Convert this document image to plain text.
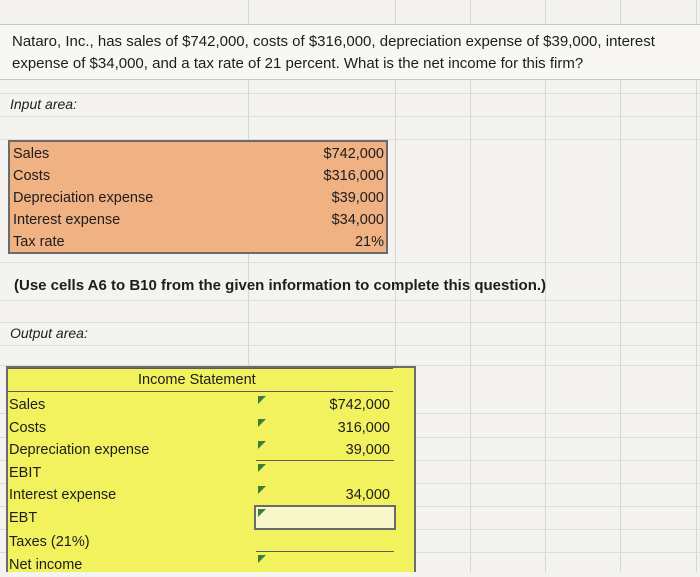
Nataro, Inc., has sales of $742,000, costs of $316,000, depreciation expense of $39,000, interest expense of $34,000, and a tax rate of 21 percent. What is the net income for this firm?

Input area:
Sales	$742,000
Costs	$316,000
Depreciation expense	$39,000
Interest expense	$34,000
Tax rate	21%
(Use cells A6 to B10 from the given information to complete this question.)
Output area:
Income Statement
Sales	$742,000
Costs	316,000
Depreciation expense	39,000
EBIT
Interest expense	34,000
EBT
Taxes (21%)
Net income
